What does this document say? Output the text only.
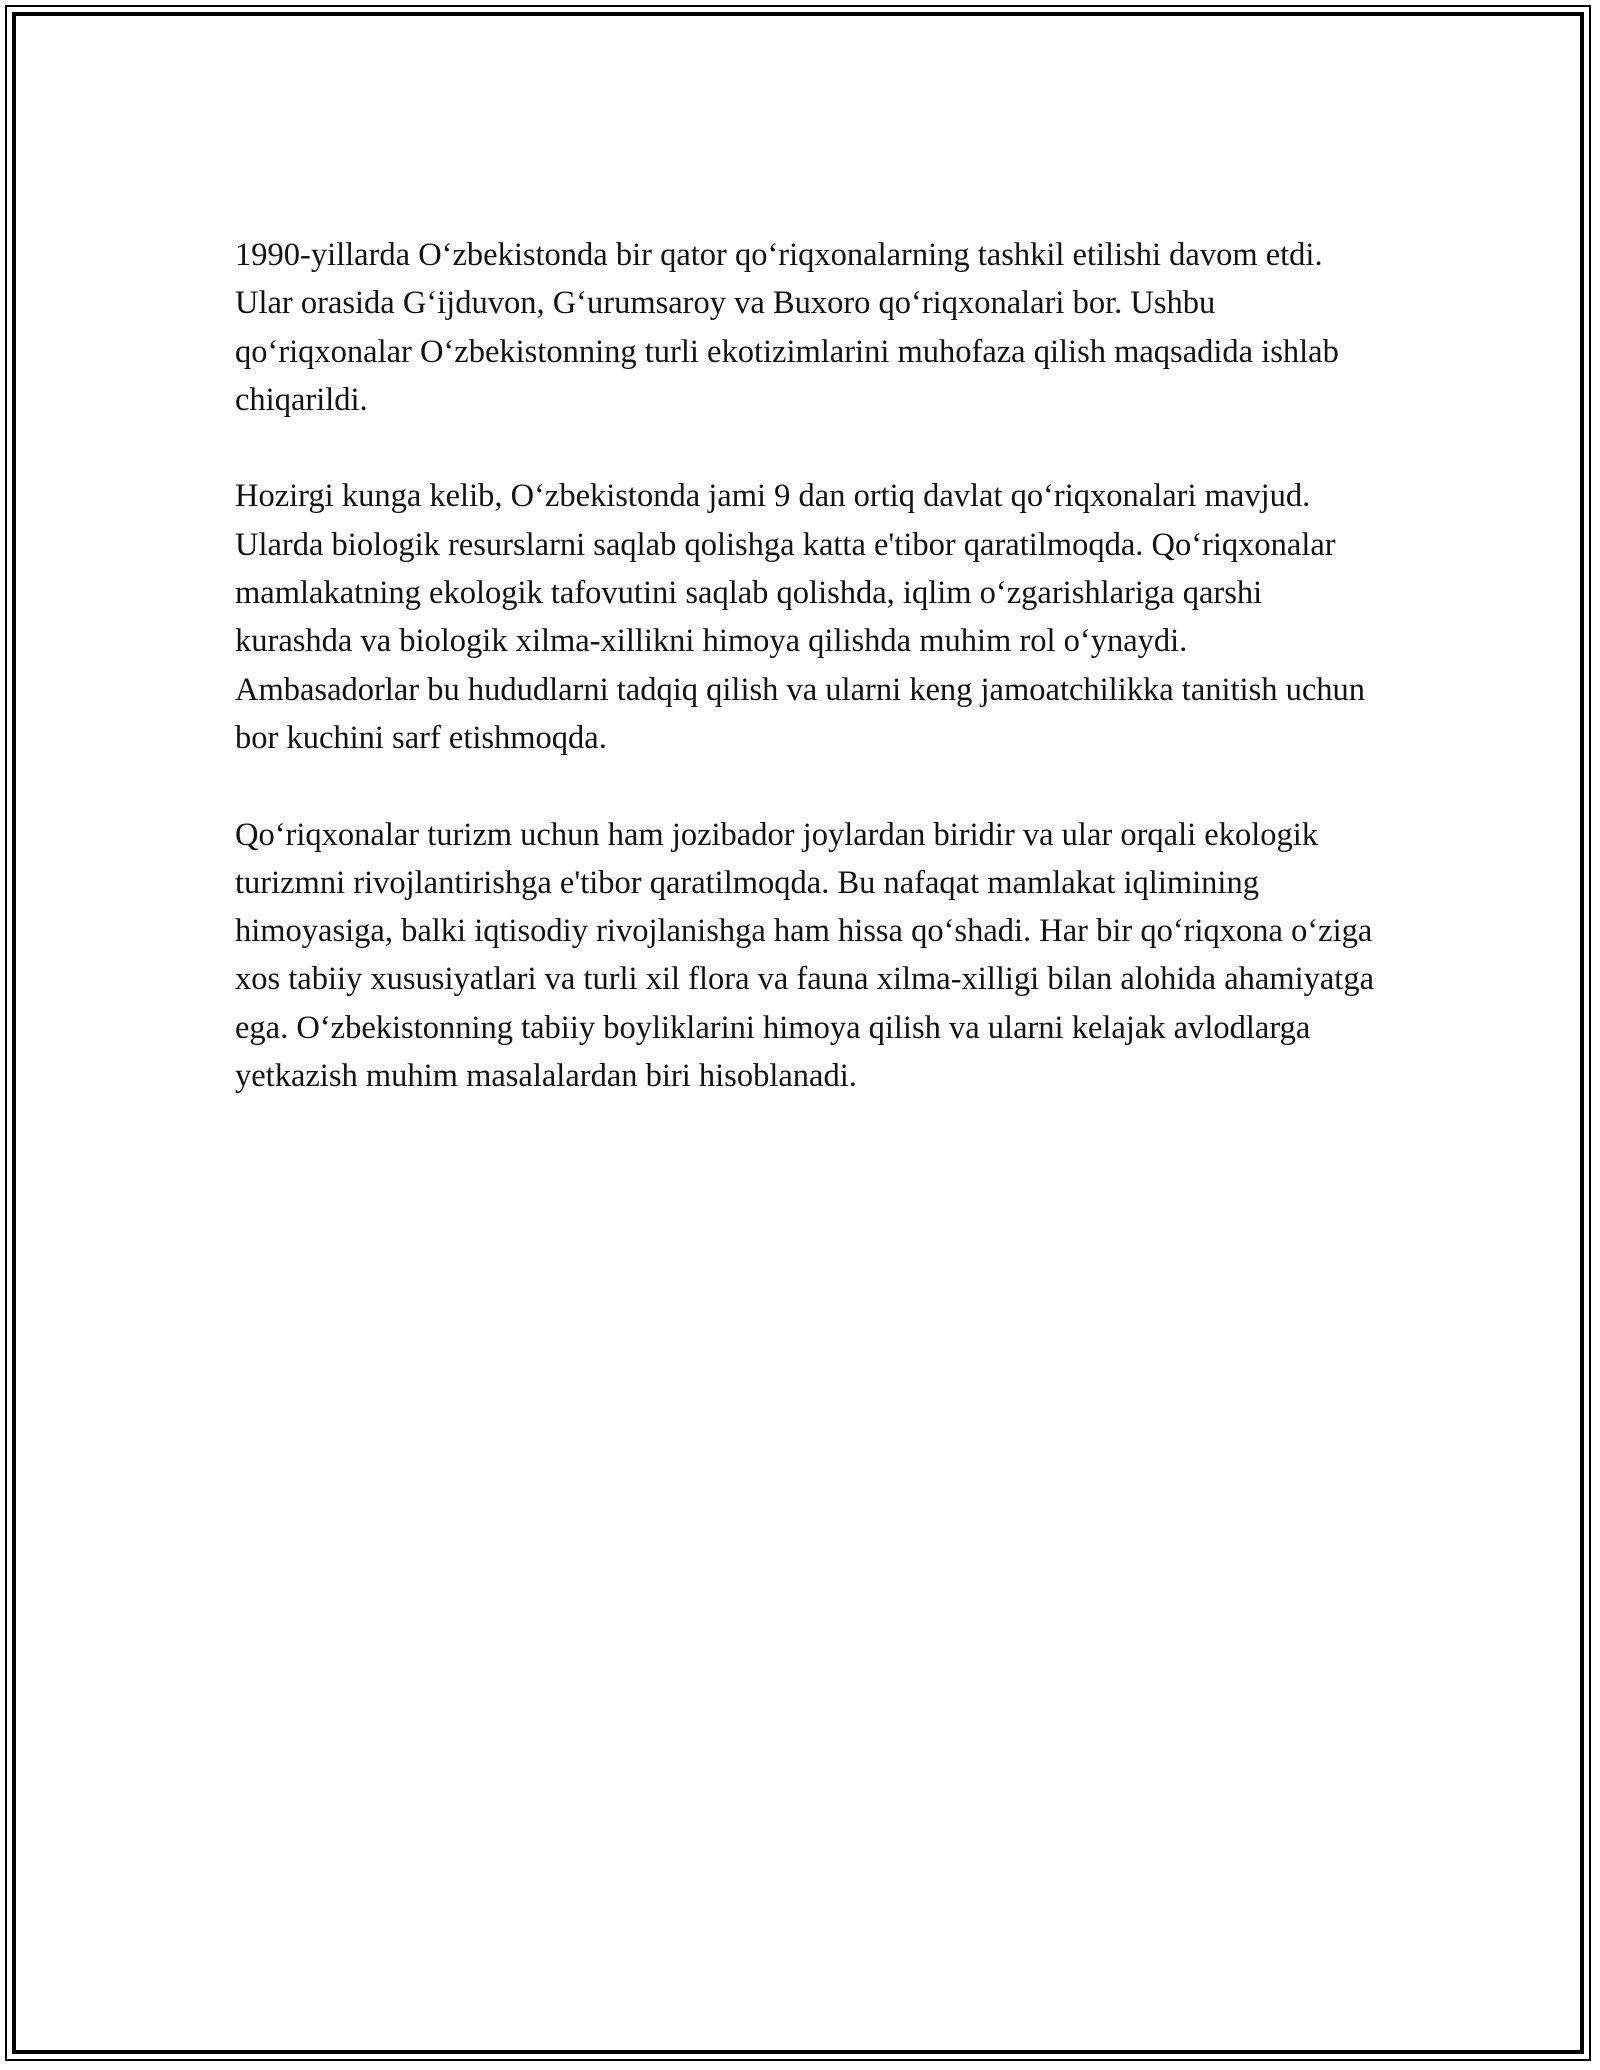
1990-yillarda O‘zbekistonda bir qator qo‘riqxonalarning tashkil etilishi davom etdi. Ular orasida G‘ijduvon, G‘urumsaroy va Buxoro qo‘riqxonalari bor. Ushbu qo‘riqxonalar O‘zbekistonning turli ekotizimlarini muhofaza qilish maqsadida ishlab chiqarildi.

Hozirgi kunga kelib, O‘zbekistonda jami 9 dan ortiq davlat qo‘riqxonalari mavjud. Ularda biologik resurslarni saqlab qolishga katta e'tibor qaratilmoqda. Qo‘riqxonalar mamlakatning ekologik tafovutini saqlab qolishda, iqlim o‘zgarishlariga qarshi kurashda va biologik xilma-xillikni himoya qilishda muhim rol o‘ynaydi. Ambasadorlar bu hududlarni tadqiq qilish va ularni keng jamoatchilikka tanitish uchun bor kuchini sarf etishmoqda.

Qo‘riqxonalar turizm uchun ham jozibador joylardan biridir va ular orqali ekologik turizmni rivojlantirishga e'tibor qaratilmoqda. Bu nafaqat mamlakat iqlimining himoyasiga, balki iqtisodiy rivojlanishga ham hissa qo‘shadi. Har bir qo‘riqxona o‘ziga xos tabiiy xususiyatlari va turli xil flora va fauna xilma-xilligi bilan alohida ahamiyatga ega. O‘zbekistonning tabiiy boyliklarini himoya qilish va ularni kelajak avlodlarga yetkazish muhim masalalardan biri hisoblanadi.
